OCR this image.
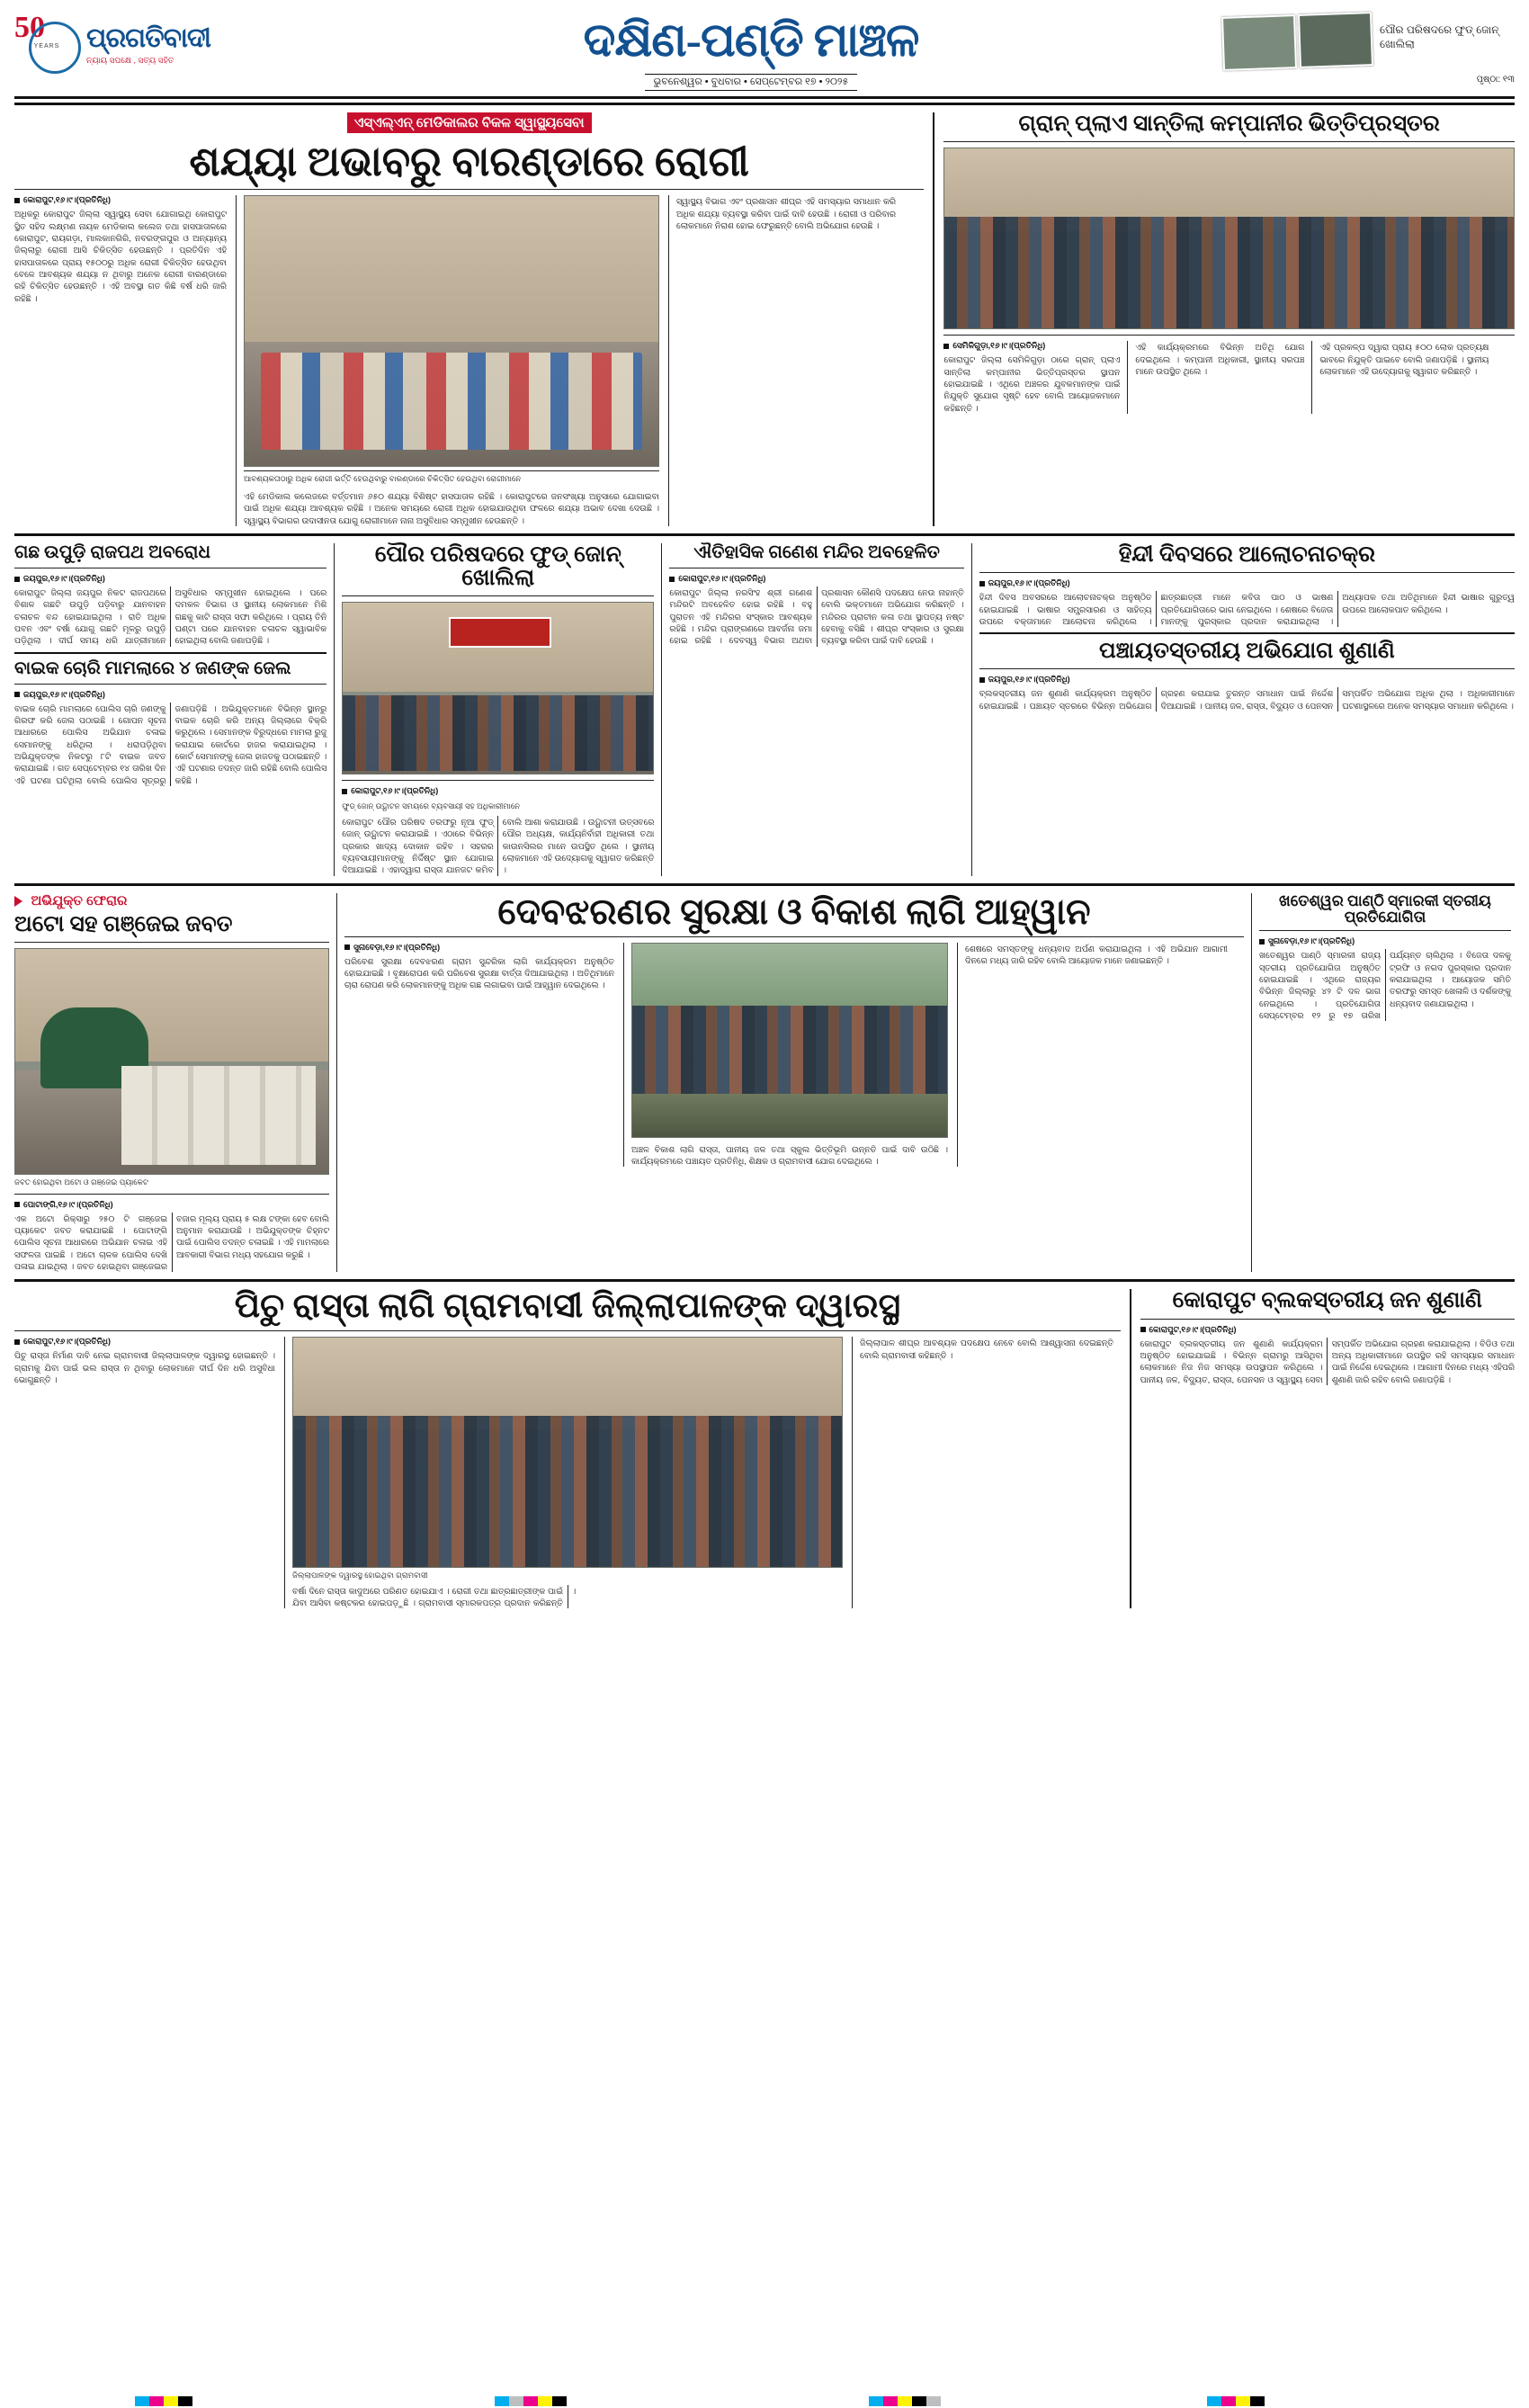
50
YEARS ପ୍ରଗତିବାଦୀ
ନ୍ୟାୟ ସପକ୍ଷେ , ସତ୍ୟ ସହିତ	ଦକ୍ଷିଣ-ପଣ୍ଡି ମାଞ୍ଚଳ
ଭୁବନେଶ୍ୱର • ବୁଧବାର • ସେପ୍ଟେମ୍ବର ୧୭ • ୨୦୨୫
ପୌର ପରିଷଦରେ ଫୁଡ୍ ଜୋନ୍ ଖୋଲିଲା
ପୃଷ୍ଠା: ୧୩
ଏସ୍‌ଏଲ୍‌ଏନ୍ ମେଡିକାଲର ବିକଳ ସ୍ୱାସ୍ଥ୍ୟସେବା
ଶଯ୍ୟା ଅଭାବରୁ ବାରଣ୍ଡାରେ ରୋଗୀ
କୋରାପୁଟ,୧୬।୯।(ପ୍ରତିନିଧି)
ଅଧିକରୁ କୋରାପୁଟ ଜିଲ୍ଲା ସ୍ୱାସ୍ଥ୍ୟ ସେବା ଯୋଗାଇଥି କୋରାପୁଟ ସ୍ଥିତ ସହିଦ ଲକ୍ଷ୍ମଣ ନାୟକ ମେଡିକାଲ କଲେଜ ତଥା ହାସପାତାଳରେ କୋରାପୁଟ, ରାୟଗଡ଼ା, ମାଲକାନଗିରି, ନବରଙ୍ଗପୁର ଓ ଅନ୍ୟାନ୍ୟ ଜିଲ୍ଲାରୁ ରୋଗୀ ଆସି ଚିକିତ୍ସିତ ହେଉଛନ୍ତି । ପ୍ରତିଦିନ ଏହି ହାସପାତାଳରେ ପ୍ରାୟ ୧୫୦୦ରୁ ଅଧିକ ରୋଗୀ ଚିକିତ୍ସିତ ହେଉଥିବା ବେଳେ ଆବଶ୍ୟକ ଶଯ୍ୟା ନ ଥିବାରୁ ଅନେକ ରୋଗୀ ବାରଣ୍ଡାରେ ରହି ଚିକିତ୍ସିତ ହେଉଛନ୍ତି । ଏହି ଅବସ୍ଥା ଗତ କିଛି ବର୍ଷ ଧରି ଜାରି ରହିଛି ।
ଆବଶ୍ୟକତାଠାରୁ ଅଧିକ ରୋଗୀ ଭର୍ତ୍ତି ହେଉଥିବାରୁ ବାରଣ୍ଡାରେ ଚିକିତ୍ସିତ ହେଉଥିବା ରୋଗୀମାନେ
ଏହି ମେଡିକାଲ କଲେଜରେ ବର୍ତ୍ତମାନ ୬୫୦ ଶଯ୍ୟା ବିଶିଷ୍ଟ ହାସପାତାଳ ରହିଛି । କୋରାପୁଟରେ ଜନସଂଖ୍ୟା ଅନୁସାରେ ଯୋଗାଇବା ପାଇଁ ଅଧିକ ଶଯ୍ୟା ଆବଶ୍ୟକ ରହିଛି । ଅନେକ ସମୟରେ ରୋଗୀ ଅଧିକ ହୋଇଯାଉଥିବା ଫଳରେ ଶଯ୍ୟା ଅଭାବ ଦେଖା ଦେଉଛି । ସ୍ୱାସ୍ଥ୍ୟ ବିଭାଗର ଉଦାସୀନତା ଯୋଗୁ ରୋଗୀମାନେ ନାନା ଅସୁବିଧାର ସମ୍ମୁଖୀନ ହେଉଛନ୍ତି ।
ସ୍ୱାସ୍ଥ୍ୟ ବିଭାଗ ଏବଂ ପ୍ରଶାସନ ଶୀଘ୍ର ଏହି ସମସ୍ୟାର ସମାଧାନ କରି ଅଧିକ ଶଯ୍ୟା ବ୍ୟବସ୍ଥା କରିବା ପାଇଁ ଦାବି ହେଉଛି । ରୋଗୀ ଓ ପରିବାର ଲୋକମାନେ ନିରାଶ ହୋଇ ଫେରୁଛନ୍ତି ବୋଲି ଅଭିଯୋଗ ହେଉଛି ।
ଗ୍ରାନ୍ ପ୍ଲାଏ ସାନ୍ତିଲା କମ୍ପାନୀର ଭିତ୍ତିପ୍ରସ୍ତର
ସେମିଳିଗୁଡ଼ା,୧୬।୯।(ପ୍ରତିନିଧି)
କୋରାପୁଟ ଜିଲ୍ଲା ସେମିଳିଗୁଡ଼ା ଠାରେ ଗ୍ରାନ୍ ପ୍ଲାଏ ସାନ୍ତିଲା କମ୍ପାନୀର ଭିତ୍ତିପ୍ରସ୍ତର ସ୍ଥାପନ ହୋଇଯାଇଛି । ଏଥିରେ ଅଞ୍ଚଳର ଯୁବକମାନଙ୍କ ପାଇଁ ନିଯୁକ୍ତି ସୁଯୋଗ ସୃଷ୍ଟି ହେବ ବୋଲି ଆୟୋଜକମାନେ କହିଛନ୍ତି ।
ଏହି କାର୍ଯ୍ୟକ୍ରମରେ ବିଭିନ୍ନ ଅତିଥି ଯୋଗ ଦେଇଥିଲେ । କମ୍ପାନୀ ଅଧିକାରୀ, ସ୍ଥାନୀୟ ସରପଞ୍ଚ ମାନେ ଉପସ୍ଥିତ ଥିଲେ ।
ଏହି ପ୍ରକଳ୍ପ ଦ୍ୱାରା ପ୍ରାୟ ୫୦୦ ଲୋକ ପ୍ରତ୍ୟକ୍ଷ ଭାବରେ ନିଯୁକ୍ତି ପାଇବେ ବୋଲି ଜଣାପଡ଼ିଛି । ସ୍ଥାନୀୟ ଲୋକମାନେ ଏହି ଉଦ୍ୟୋଗକୁ ସ୍ୱାଗତ କରିଛନ୍ତି ।
ଗଛ ଉପୁଡ଼ି ରାଜପଥ ଅବରୋଧ
ଜୟପୁର,୧୬।୯।(ପ୍ରତିନିଧି)
କୋରାପୁଟ ଜିଲ୍ଲା ଜୟପୁର ନିକଟ ରାଜପଥରେ ବିଶାଳ ଗଛଟି ଉପୁଡ଼ି ପଡ଼ିବାରୁ ଯାନବାହନ ଚଳାଚଳ ବନ୍ଦ ହୋଇଯାଇଥିଲା । ରାତି ଅଧିକ ପବନ ଏବଂ ବର୍ଷା ଯୋଗୁ ଗଛଟି ମୂଳରୁ ଉପୁଡ଼ି ପଡ଼ିଥିଲା । ଦୀର୍ଘ ସମୟ ଧରି ଯାତ୍ରୀମାନେ ଅସୁବିଧାର ସମ୍ମୁଖୀନ ହୋଇଥିଲେ । ପରେ ଦମକଳ ବିଭାଗ ଓ ସ୍ଥାନୀୟ ଲୋକମାନେ ମିଶି ଗଛକୁ କାଟି ରାସ୍ତା ସଫା କରିଥିଲେ । ପ୍ରାୟ ତିନି ଘଣ୍ଟା ପରେ ଯାନବାହନ ଚଳାଚଳ ସ୍ୱାଭାବିକ ହୋଇଥିଲା ବୋଲି ଜଣାପଡ଼ିଛି ।
ବାଇକ ଚୋରି ମାମଲାରେ ୪ ଜଣଙ୍କ ଜେଲ
ଜୟପୁର,୧୬।୯।(ପ୍ରତିନିଧି)
ବାଇକ ଚୋରି ମାମଲାରେ ପୋଲିସ ଚାରି ଜଣଙ୍କୁ ଗିରଫ କରି ଜେଲ ପଠାଇଛି । ଗୋପନ ସୂଚନା ଆଧାରରେ ପୋଲିସ ଅଭିଯାନ ଚଳାଇ ସେମାନଙ୍କୁ ଧରିଥିଲା । ଧରାପଡ଼ିଥିବା ଅଭିଯୁକ୍ତଙ୍କ ନିକଟରୁ ୮ଟି ବାଇକ ଜବତ କରାଯାଇଛି । ଗତ ସେପ୍ଟେମ୍ବର ୧୪ ତାରିଖ ଦିନ ଏହି ଘଟଣା ଘଟିଥିଲା ବୋଲି ପୋଲିସ ସୂତ୍ରରୁ ଜଣାପଡ଼ିଛି । ଅଭିଯୁକ୍ତମାନେ ବିଭିନ୍ନ ସ୍ଥାନରୁ ବାଇକ ଚୋରି କରି ଅନ୍ୟ ଜିଲ୍ଲାରେ ବିକ୍ରି କରୁଥିଲେ । ସେମାନଙ୍କ ବିରୁଦ୍ଧରେ ମାମଲା ରୁଜୁ କରାଯାଇ କୋର୍ଟରେ ହାଜର କରାଯାଇଥିଲା । କୋର୍ଟ ସେମାନଙ୍କୁ ଜେଲ ହାଜତକୁ ପଠାଇଛନ୍ତି । ଏହି ଘଟଣାର ତଦନ୍ତ ଜାରି ରହିଛି ବୋଲି ପୋଲିସ କହିଛି ।
ପୌର ପରିଷଦରେ ଫୁଡ୍ ଜୋନ୍ ଖୋଲିଲା
କୋରାପୁଟ,୧୬।୯।(ପ୍ରତିନିଧି)
ଫୁଡ୍ ଜୋନ୍ ଉଦ୍ଘାଟନ ସମୟରେ ବ୍ୟବସାୟୀ ସହ ଅଧିକାରୀମାନେ
କୋରାପୁଟ ପୌର ପରିଷଦ ତରଫରୁ ନୂଆ ଫୁଡ୍ ଜୋନ୍ ଉଦ୍ଘାଟନ କରାଯାଇଛି । ଏଠାରେ ବିଭିନ୍ନ ପ୍ରକାର ଖାଦ୍ୟ ଦୋକାନ ରହିବ । ସହରର ବ୍ୟବସାୟୀମାନଙ୍କୁ ନିର୍ଦ୍ଦିଷ୍ଟ ସ୍ଥାନ ଯୋଗାଇ ଦିଆଯାଇଛି । ଏହାଦ୍ୱାରା ରାସ୍ତା ଯାନଜଟ କମିବ ବୋଲି ଆଶା କରାଯାଉଛି । ଉଦ୍ଘାଟନୀ ଉତ୍ସବରେ ପୌର ଅଧ୍ୟକ୍ଷ, କାର୍ଯ୍ୟନିର୍ବାହୀ ଅଧିକାରୀ ତଥା କାଉନସିଲର ମାନେ ଉପସ୍ଥିତ ଥିଲେ । ସ୍ଥାନୀୟ ଲୋକମାନେ ଏହି ଉଦ୍ୟୋଗକୁ ସ୍ୱାଗତ କରିଛନ୍ତି ।
ଐତିହାସିକ ଗଣେଶ ମନ୍ଦିର ଅବହେଳିତ
କୋରାପୁଟ,୧୬।୯।(ପ୍ରତିନିଧି)
କୋରାପୁଟ ଜିଲ୍ଲା ନରସିଂହ ଶ୍ରୀ ଗଣେଶ ମନ୍ଦିରଟି ଅବହେଳିତ ହୋଇ ରହିଛି । ବହୁ ପୁରାତନ ଏହି ମନ୍ଦିରର ସଂସ୍କାର ଆବଶ୍ୟକ ରହିଛି । ମନ୍ଦିର ପ୍ରାଙ୍ଗଣରେ ଆବର୍ଜନା ଜମା ହୋଇ ରହିଛି । ଦେବସ୍ୱ ବିଭାଗ ଅଥବା ପ୍ରଶାସନ କୌଣସି ପଦକ୍ଷେପ ନେଉ ନାହାନ୍ତି ବୋଲି ଭକ୍ତମାନେ ଅଭିଯୋଗ କରିଛନ୍ତି । ମନ୍ଦିରର ପ୍ରାଚୀନ କଳା ତଥା ସ୍ଥାପତ୍ୟ ନଷ୍ଟ ହେବାକୁ ବସିଛି । ଶୀଘ୍ର ସଂସ୍କାର ଓ ସୁରକ୍ଷା ବ୍ୟବସ୍ଥା କରିବା ପାଇଁ ଦାବି ହେଉଛି ।
ହିନ୍ଦୀ ଦିବସରେ ଆଲୋଚନାଚକ୍ର
ଜୟପୁର,୧୬।୯।(ପ୍ରତିନିଧି)
ହିନ୍ଦୀ ଦିବସ ଅବସରରେ ଆଲୋଚନାଚକ୍ର ଅନୁଷ୍ଠିତ ହୋଇଯାଇଛି । ଭାଷାର ସମ୍ପ୍ରସାରଣ ଓ ସାହିତ୍ୟ ଉପରେ ବକ୍ତାମାନେ ଆଲୋଚନା କରିଥିଲେ । ଛାତ୍ରଛାତ୍ରୀ ମାନେ କବିତା ପାଠ ଓ ଭାଷଣ ପ୍ରତିଯୋଗିତାରେ ଭାଗ ନେଇଥିଲେ । ଶେଷରେ ବିଜେତା ମାନଙ୍କୁ ପୁରସ୍କାର ପ୍ରଦାନ କରାଯାଇଥିଲା । ଅଧ୍ୟାପକ ତଥା ଅତିଥିମାନେ ହିନ୍ଦୀ ଭାଷାର ଗୁରୁତ୍ୱ ଉପରେ ଆଲୋକପାତ କରିଥିଲେ ।
ପଞ୍ଚାୟତସ୍ତରୀୟ ଅଭିଯୋଗ ଶୁଣାଣି
ଜୟପୁର,୧୬।୯।(ପ୍ରତିନିଧି)
ବ୍ଲକସ୍ତରୀୟ ଜନ ଶୁଣାଣି କାର୍ଯ୍ୟକ୍ରମ ଅନୁଷ୍ଠିତ ହୋଇଯାଇଛି । ପଞ୍ଚାୟତ ସ୍ତରରେ ବିଭିନ୍ନ ଅଭିଯୋଗ ଗ୍ରହଣ କରାଯାଇ ତୁରନ୍ତ ସମାଧାନ ପାଇଁ ନିର୍ଦ୍ଦେଶ ଦିଆଯାଇଛି । ପାନୀୟ ଜଳ, ରାସ୍ତା, ବିଦ୍ୟୁତ ଓ ପେନସନ ସମ୍ପର୍କିତ ଅଭିଯୋଗ ଅଧିକ ଥିଲା । ଅଧିକାରୀମାନେ ଘଟଣାସ୍ଥଳରେ ଅନେକ ସମସ୍ୟାର ସମାଧାନ କରିଥିଲେ ।
ଅଭିଯୁକ୍ତ ଫେରାର
ଅଟୋ ସହ ଗଞ୍ଜେଇ ଜବତ
ଜବତ ହୋଇଥିବା ଅଟୋ ଓ ଗଞ୍ଜେଇ ପ୍ୟାକେଟ
ପୋଟାଙ୍ଗି,୧୬।୯।(ପ୍ରତିନିଧି)
ଏକ ଅଟୋ ରିକ୍ସାରୁ ୨୫୦ ଟି ଗଞ୍ଜେଇ ପ୍ୟାକେଟ ଜବତ କରାଯାଇଛି । ପୋଟାଙ୍ଗି ପୋଲିସ ସୂଚନା ଆଧାରରେ ଅଭିଯାନ ଚଳାଇ ଏହି ସଫଳତା ପାଇଛି । ଅଟୋ ଚାଳକ ପୋଲିସ ଦେଖି ପଳାଇ ଯାଇଥିଲା । ଜବତ ହୋଇଥିବା ଗଞ୍ଜେଇର ବଜାର ମୂଲ୍ୟ ପ୍ରାୟ ୫ ଲକ୍ଷ ଟଙ୍କା ହେବ ବୋଲି ଅନୁମାନ କରାଯାଉଛି । ଅଭିଯୁକ୍ତଙ୍କ ଚିହ୍ନଟ ପାଇଁ ପୋଲିସ ତଦନ୍ତ ଚଳାଇଛି । ଏହି ମାମଲାରେ ଆବକାରୀ ବିଭାଗ ମଧ୍ୟ ସହଯୋଗ କରୁଛି ।
ଦେବଝରଣର ସୁରକ୍ଷା ଓ ବିକାଶ ଲାଗି ଆହ୍ୱାନ
ସୁନାବେଡ଼ା,୧୬।୯।(ପ୍ରତିନିଧି)
ପରିବେଶ ସୁରକ୍ଷା ଦେବଝରଣ ଗ୍ରାମ ସୁନ୍ଦରିକା ଲାଗି କାର୍ଯ୍ୟକ୍ରମ ଅନୁଷ୍ଠିତ ହୋଇଯାଇଛି । ବୃକ୍ଷରୋପଣ କରି ପରିବେଶ ସୁରକ୍ଷା ବାର୍ତ୍ତା ଦିଆଯାଇଥିଲା । ଅତିଥିମାନେ ଚାରା ରୋପଣ କରି ଲୋକମାନଙ୍କୁ ଅଧିକ ଗଛ ଲଗାଇବା ପାଇଁ ଆହ୍ୱାନ ଦେଇଥିଲେ ।
ଅଞ୍ଚଳ ବିକାଶ ଲାଗି ରାସ୍ତା, ପାନୀୟ ଜଳ ତଥା ସ୍କୁଲ ଭିତ୍ତିଭୂମି ଉନ୍ନତି ପାଇଁ ଦାବି ଉଠିଛି । କାର୍ଯ୍ୟକ୍ରମରେ ପଞ୍ଚାୟତ ପ୍ରତିନିଧି, ଶିକ୍ଷକ ଓ ଗ୍ରାମବାସୀ ଯୋଗ ଦେଇଥିଲେ ।
ଶେଷରେ ସମସ୍ତଙ୍କୁ ଧନ୍ୟବାଦ ଅର୍ପଣ କରାଯାଇଥିଲା । ଏହି ଅଭିଯାନ ଆଗାମୀ ଦିନରେ ମଧ୍ୟ ଜାରି ରହିବ ବୋଲି ଆୟୋଜକ ମାନେ ଜଣାଇଛନ୍ତି ।
ଖତେଶ୍ୱର ପାଣ୍ଠି ସ୍ମାରକୀ ସ୍ତରୀୟ ପ୍ରତିଯୋଗିତା
ସୁନାବେଡ଼ା,୧୬।୯।(ପ୍ରତିନିଧି)
ଖତେଶ୍ୱର ପାଣ୍ଠି ସ୍ମାରକୀ ରାଜ୍ୟ ସ୍ତରୀୟ ପ୍ରତିଯୋଗିତା ଅନୁଷ୍ଠିତ ହୋଇଯାଇଛି । ଏଥିରେ ରାଜ୍ୟର ବିଭିନ୍ନ ଜିଲ୍ଲାରୁ ୪୨ ଟି ଦଳ ଭାଗ ନେଇଥିଲେ । ପ୍ରତିଯୋଗିତା ସେପ୍ଟେମ୍ବର ୧୨ ରୁ ୧୭ ତାରିଖ ପର୍ଯ୍ୟନ୍ତ ଚାଲିଥିଲା । ବିଜେତା ଦଳକୁ ଟ୍ରଫି ଓ ନଗଦ ପୁରସ୍କାର ପ୍ରଦାନ କରାଯାଇଥିଲା । ଆୟୋଜକ ସମିତି ତରଫରୁ ସମସ୍ତ ଖେଳାଳି ଓ ଦର୍ଶକଙ୍କୁ ଧନ୍ୟବାଦ ଜଣାଯାଇଥିଲା ।
ପିଚୁ ରାସ୍ତା ଲାଗି ଗ୍ରାମବାସୀ ଜିଲ୍ଲାପାଳଙ୍କ ଦ୍ୱାରସ୍ଥ
କୋରାପୁଟ,୧୬।୯।(ପ୍ରତିନିଧି)
ପିଚୁ ରାସ୍ତା ନିର୍ମାଣ ଦାବି ନେଇ ଗ୍ରାମବାସୀ ଜିଲ୍ଲାପାଳଙ୍କ ଦ୍ୱାରସ୍ଥ ହୋଇଛନ୍ତି । ଗ୍ରାମକୁ ଯିବା ପାଇଁ ଭଲ ରାସ୍ତା ନ ଥିବାରୁ ଲୋକମାନେ ଦୀର୍ଘ ଦିନ ଧରି ଅସୁବିଧା ଭୋଗୁଛନ୍ତି ।
ଜିଲ୍ଲାପାଳଙ୍କ ଦ୍ୱାରସ୍ଥ ହୋଇଥିବା ଗ୍ରାମବାସୀ
ବର୍ଷା ଦିନେ ରାସ୍ତା କାଦୁଅରେ ପରିଣତ ହୋଇଯାଏ । ରୋଗୀ ତଥା ଛାତ୍ରଛାତ୍ରୀଙ୍କ ପାଇଁ ଯିବା ଆସିବା କଷ୍ଟକର ହୋଇପଡ଼ୁଛି । ଗ୍ରାମବାସୀ ସ୍ମାରକପତ୍ର ପ୍ରଦାନ କରିଛନ୍ତି ।
ଜିଲ୍ଲାପାଳ ଶୀଘ୍ର ଆବଶ୍ୟକ ପଦକ୍ଷେପ ନେବେ ବୋଲି ଆଶ୍ୱାସନା ଦେଇଛନ୍ତି ବୋଲି ଗ୍ରାମବାସୀ କହିଛନ୍ତି ।
କୋରାପୁଟ ବ୍ଲକସ୍ତରୀୟ ଜନ ଶୁଣାଣି
କୋରାପୁଟ,୧୬।୯।(ପ୍ରତିନିଧି)
କୋରାପୁଟ ବ୍ଲକସ୍ତରୀୟ ଜନ ଶୁଣାଣି କାର୍ଯ୍ୟକ୍ରମ ଅନୁଷ୍ଠିତ ହୋଇଯାଇଛି । ବିଭିନ୍ନ ଗ୍ରାମରୁ ଆସିଥିବା ଲୋକମାନେ ନିଜ ନିଜ ସମସ୍ୟା ଉପସ୍ଥାପନ କରିଥିଲେ । ପାନୀୟ ଜଳ, ବିଦ୍ୟୁତ, ରାସ୍ତା, ପେନସନ ଓ ସ୍ୱାସ୍ଥ୍ୟ ସେବା ସମ୍ପର୍କିତ ଅଭିଯୋଗ ଗ୍ରହଣ କରାଯାଇଥିଲା । ବିଡିଓ ତଥା ଅନ୍ୟ ଅଧିକାରୀମାନେ ଉପସ୍ଥିତ ରହି ସମସ୍ୟାର ସମାଧାନ ପାଇଁ ନିର୍ଦ୍ଦେଶ ଦେଇଥିଲେ । ଆଗାମୀ ଦିନରେ ମଧ୍ୟ ଏହିପରି ଶୁଣାଣି ଜାରି ରହିବ ବୋଲି ଜଣାପଡ଼ିଛି ।
